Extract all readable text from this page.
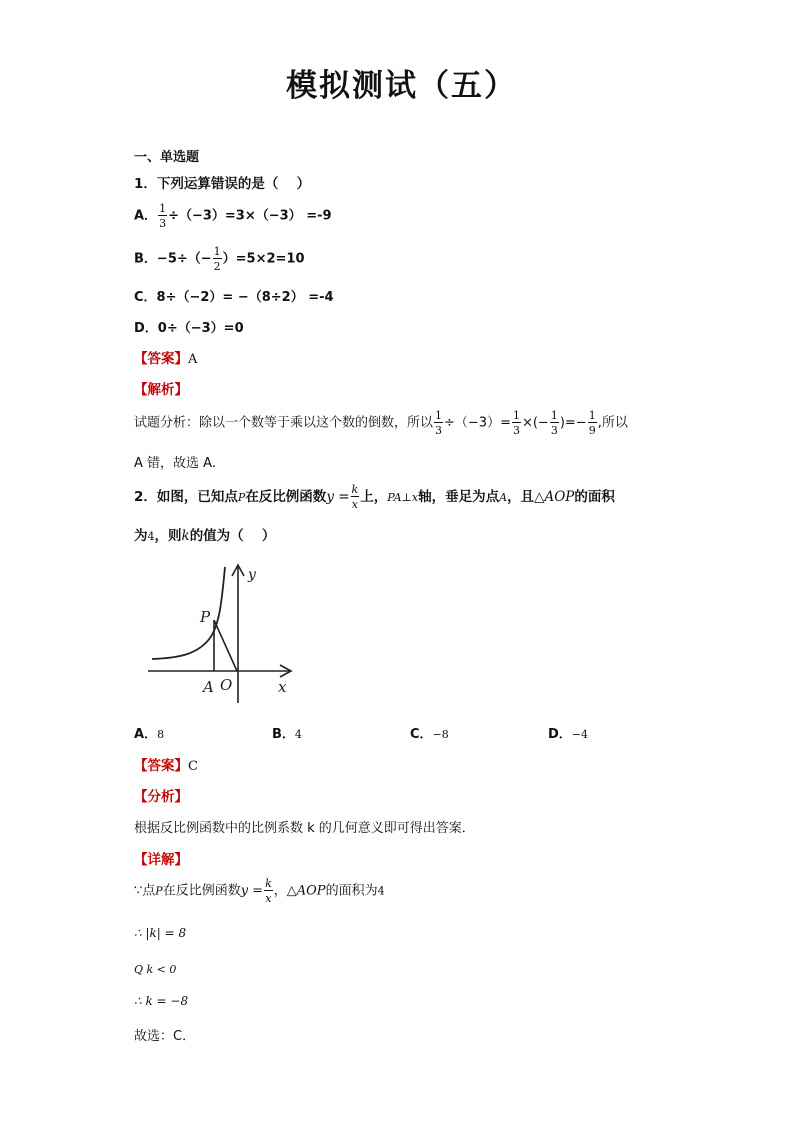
模拟测试（五）
一、单选题
1．下列运算错误的是（　 ）
A． $\frac{1}{3} \div(-3)=3\times(-3) =-9$
B．$-5\div(- \frac{1}{2} )=5\times 2=10$
C．8÷（−2）= −（8÷2） =-4
D．0÷（−3）=0
【答案】A
【解析】
试题分析：除以一个数等于乘以这个数的倒数，所以 $\frac{1}{3} \div(-3)= \frac{1}{3}$ ×(− $\frac{1}{3}$ )=− $\frac{1}{9}$ ,所以
A 错，故选 A.
2．如图，已知点P在反比例函数$y = \frac{k}{x}$ 上，PA⊥x轴，垂足为点A，且△AOP的面积
为4，则k的值为（　 ）
y
x
P
A O
A．8	B．4	C．−8	D．−4
【答案】C
【分析】
根据反比例函数中的比例系数 k 的几何意义即可得出答案．
【详解】
∵点P在反比例函数$y = \frac{k}{x}$ ，△AOP的面积为4
∴ |k| = 8
Q k < 0
∴ k = −8
故选：C．
